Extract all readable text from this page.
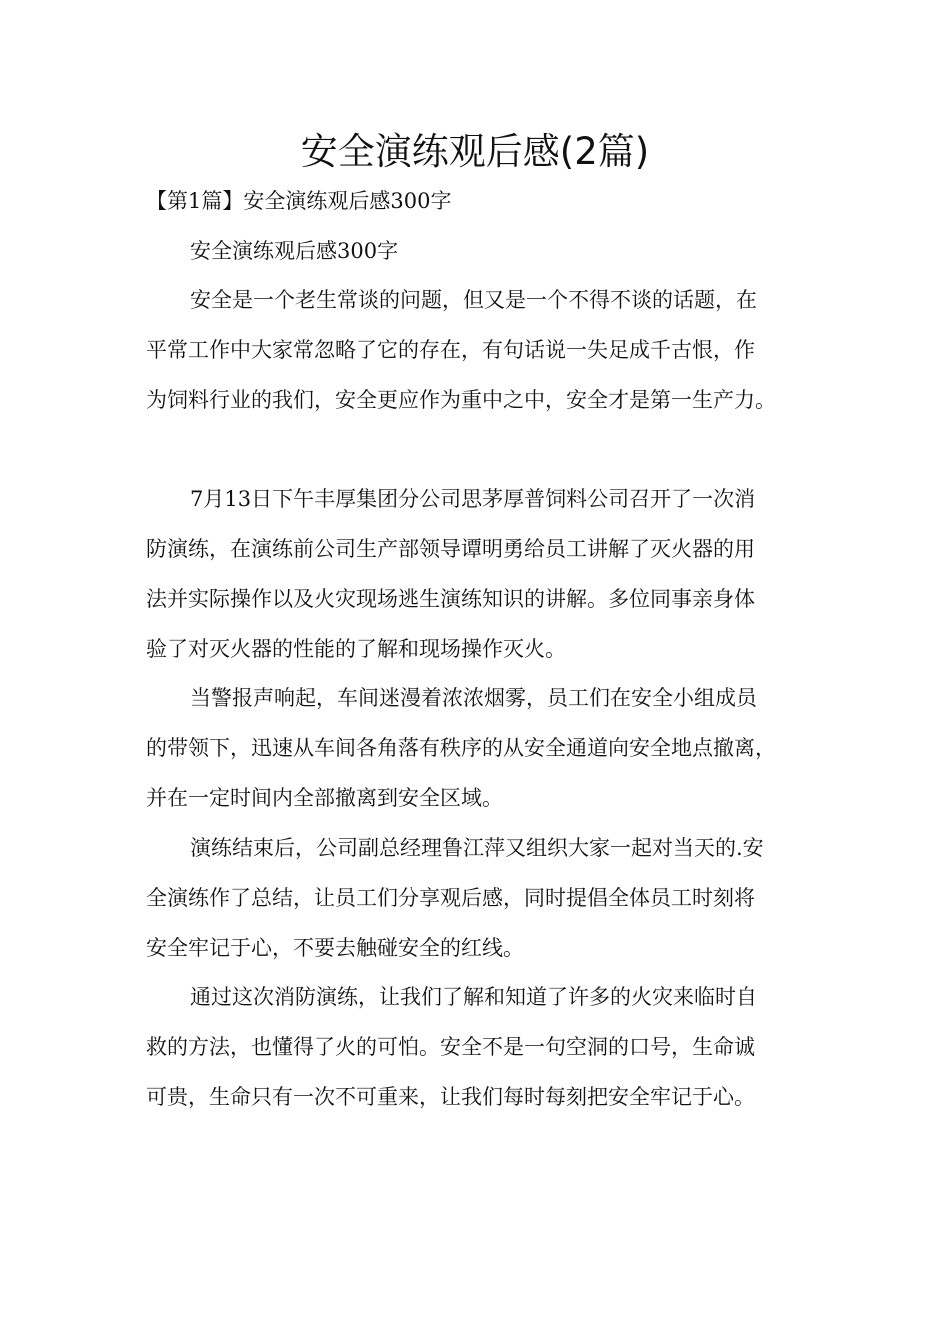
安全演练观后感(2篇)
【第1篇】安全演练观后感300字
安全演练观后感300字
安全是一个老生常谈的问题，但又是一个不得不谈的话题，在
平常工作中大家常忽略了它的存在，有句话说一失足成千古恨，作
为饲料行业的我们，安全更应作为重中之中，安全才是第一生产力。
7月13日下午丰厚集团分公司思茅厚普饲料公司召开了一次消
防演练，在演练前公司生产部领导谭明勇给员工讲解了灭火器的用
法并实际操作以及火灾现场逃生演练知识的讲解。多位同事亲身体
验了对灭火器的性能的了解和现场操作灭火。
当警报声响起，车间迷漫着浓浓烟雾，员工们在安全小组成员
的带领下，迅速从车间各角落有秩序的从安全通道向安全地点撤离，
并在一定时间内全部撤离到安全区域。
演练结束后，公司副总经理鲁江萍又组织大家一起对当天的.安
全演练作了总结，让员工们分享观后感，同时提倡全体员工时刻将
安全牢记于心，不要去触碰安全的红线。
通过这次消防演练，让我们了解和知道了许多的火灾来临时自
救的方法，也懂得了火的可怕。安全不是一句空洞的口号，生命诚
可贵，生命只有一次不可重来，让我们每时每刻把安全牢记于心。
